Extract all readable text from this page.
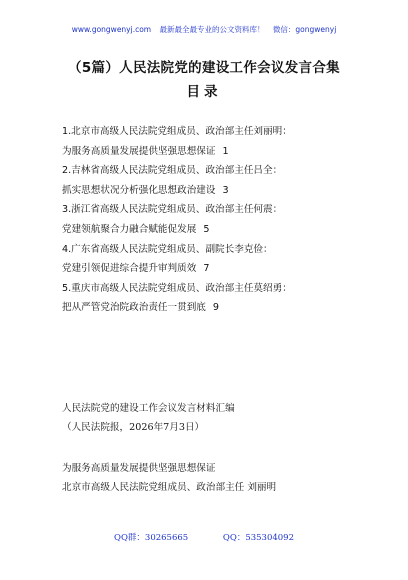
www.gongwenyj.com 最新最全最专业的公文资料库！ 微信：gongwenyj
（5篇）人民法院党的建设工作会议发言合集
目录
1.北京市高级人民法院党组成员、政治部主任刘丽明：
为服务高质量发展提供坚强思想保证 1
2.吉林省高级人民法院党组成员、政治部主任吕全：
抓实思想状况分析强化思想政治建设 3
3.浙江省高级人民法院党组成员、政治部主任何震：
党建领航聚合力融合赋能促发展 5
4.广东省高级人民法院党组成员、副院长李克俭：
党建引领促进综合提升审判质效 7
5.重庆市高级人民法院党组成员、政治部主任莫绍勇：
把从严管党治院政治责任一贯到底 9
人民法院党的建设工作会议发言材料汇编
（人民法院报，2026年7月3日）
为服务高质量发展提供坚强思想保证
北京市高级人民法院党组成员、政治部主任 刘丽明
QQ群：30265665	QQ：535304092
